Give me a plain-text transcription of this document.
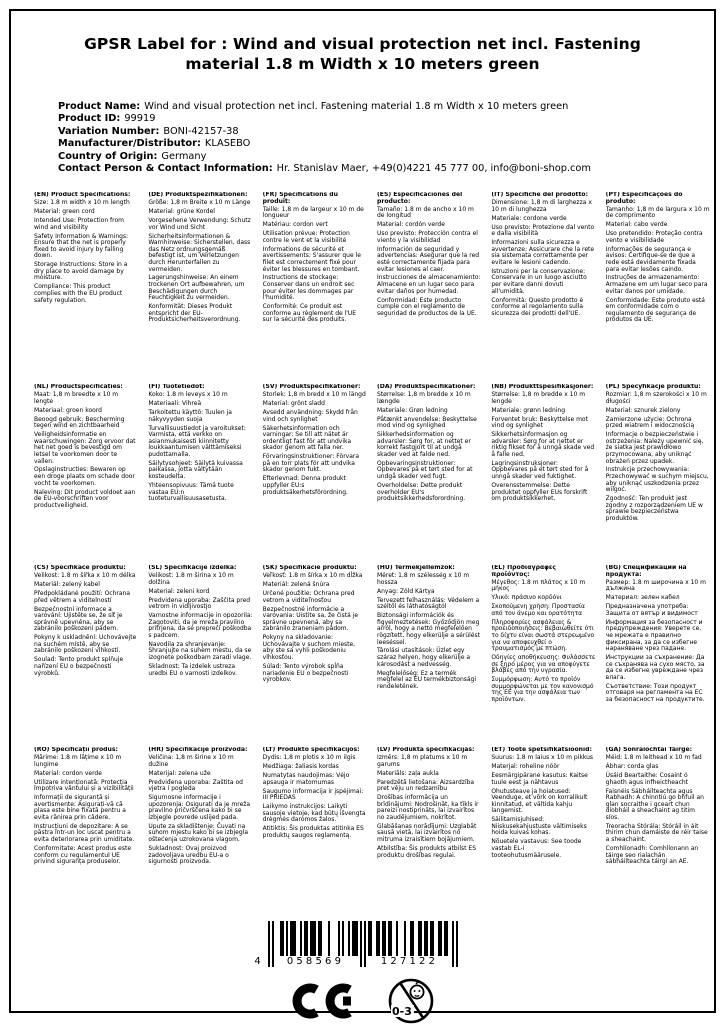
GPSR Label for : Wind and visual protection net incl. Fastening
material 1.8 m Width x 10 meters green
Product Name: Wind and visual protection net incl. Fastening material 1.8 m Width x 10 meters green
Product ID: 99919
Variation Number: BONI-42157-38
Manufacturer/Distributor: KLASEBO
Country of Origin: Germany
Contact Person & Contact Information: Hr. Stanislav Maer, +49(0)4221 45 777 00, info@boni-shop.com
(EN) Product Specifications:
Size: 1.8 m width x 10 m length
Material: green cord
Intended Use: Protection from wind and visibility
Safety Information & Warnings: Ensure that the net is properly fixed to avoid injury by falling down.
Storage Instructions: Store in a dry place to avoid damage by moisture.
Compliance: This product complies with the EU product safety regulation.
(DE) Produktspezifikationen:
Größe: 1,8 m Breite x 10 m Länge
Material: grüne Kordel
Vorgesehene Verwendung: Schutz vor Wind und Sicht
Sicherheitsinformationen & Warnhinweise: Sicherstellen, dass das Netz ordnungsgemäß befestigt ist, um Verletzungen durch Herunterfallen zu vermeiden.
Lagerungshinweise: An einem trockenen Ort aufbewahren, um Beschädigungen durch Feuchtigkeit zu vermeiden.
Konformität: Dieses Produkt entspricht der EU-Produktsicherheitsverordnung.
(FR) Spécifications du produit:
Taille: 1,8 m de largeur x 10 m de longueur
Matériau: cordon vert
Utilisation prévue: Protection contre le vent et la visibilité
Informations de sécurité et avertissements: S'assurer que le filet est correctement fixé pour éviter les blessures en tombant.
Instructions de stockage: Conserver dans un endroit sec pour éviter les dommages par l'humidité.
Conformité: Ce produit est conforme au règlement de l'UE sur la sécurité des produits.
(ES) Especificaciones del producto:
Tamaño: 1.8 m de ancho x 10 m de longitud
Material: cordón verde
Uso previsto: Protección contra el viento y la visibilidad
Información de seguridad y advertencias: Asegurar que la red esté correctamente fijada para evitar lesiones al caer.
Instrucciones de almacenamiento: Almacene en un lugar seco para evitar daños por humedad.
Conformidad: Este producto cumple con el reglamento de seguridad de productos de la UE.
(IT) Specifiche del prodotto:
Dimensione: 1,8 m di larghezza x 10 m di lunghezza
Materiale: cordone verde
Uso previsto: Protezione dal vento e dalla visibilità
Informazioni sulla sicurezza e avvertenze: Assicurare che la rete sia sistemata correttamente per evitare le lesioni cadendo.
Istruzioni per la conservazione: Conservare in un luogo asciutto per evitare danni dovuti all'umidità.
Conformità: Questo prodotto è conforme al regolamento sulla sicurezza dei prodotti dell'UE.
(PT) Especificações do produto:
Tamanho: 1,8 m de largura x 10 m de comprimento
Material: cabo verde
Uso pretendido: Proteção contra vento e visibilidade
Informações de segurança e avisos: Certifique-se de que a rede está devidamente fixada para evitar lesões caindo.
Instruções de armazenamento: Armazene em um lugar seco para evitar danos por umidade.
Conformidade: Este produto está em conformidade com o regulamento de segurança de produtos da UE.
(NL) Productspecificaties:
Maat: 1,8 m breedte x 10 m lengte
Materiaal: groen koord
Beoogd gebruik: Bescherming tegen wind en zichtbaarheid
Veiligheidsinformatie en waarschuwingen: Zorg ervoor dat het net goed is bevestigd om letsel te voorkomen door te vallen.
Opslaginstructies: Bewaren op een droge plaats om schade door vocht te voorkomen.
Naleving: Dit product voldoet aan de EU-voorschriften voor productveiligheid.
(FI) Tuotetiedot:
Koko: 1.8 m leveys x 10 m
Materiaali: Vihreä
Tarkoitettu käyttö: Tuulen ja näkyvyyden suoja
Turvallisuustiedot ja varoitukset: Varmista, että verkko on asianmukaisesti kiinnitetty loukkaantumisen välttämiseksi pudottamalla.
Säilytysohjeet: Säilytä kuivassa paikassa, jotta vältytään kosteudelta.
Yhteensopivuus: Tämä tuote vastaa EU:n tuoteturvallisuusasetusta.
(SV) Produktspecifikationer:
Storlek: 1,8 m bredd x 10 m längd
Material: grönt sladd
Avsedd användning: Skydd från vind och synlighet
Säkerhetsinformation och varningar: Se till att nätet är ordentligt fast för att undvika skador genom att falla ner.
Förvaringsinstruktioner: Förvara på en torr plats för att undvika skador genom fukt.
Efterlevnad: Denna produkt uppfyller EU:s produktsäkerhetsförordning.
(DA) Produktspecifikationer:
Størrelse: 1,8 m bredde x 10 m længde
Materiale: Grøn ledning
Påtænkt anvendelse: Beskyttelse mod vind og synlighed
Sikkerhedsinformation og advarsler: Sørg for, at nettet er korrekt fastgjort til at undgå skader ved at falde ned.
Opbevaringsinstruktioner: Opbevares på et tørt sted for at undgå skader ved fugt.
Overholdelse: Dette produkt overholder EU's produktsikkerhedsforordning.
(NB) Produkttspesifikasjoner:
Størrelse: 1,8 m bredde x 10 m lengde
Materiale: grønn ledning
Forventet bruk: Beskyttelse mot vind og synlighet
Sikkerhetsinformasjon og advarsler: Sørg for at nettet er riktig fikset for å unngå skade ved å falle ned.
Lagringsinstruksjoner: Oppbevares på et tørt sted for å unngå skader ved fuktighet.
Overensstemmelse: Dette produktet oppfyller EUs forskrift om produktsikkerhet.
(PL) Specyfikacje produktu:
Rozmiar: 1,8 m szerokości x 10 m długości
Materiał: sznurek zielony
Zamierzone użycie: Ochrona przed wiatrem i widocznością
Informacje o bezpieczeństwie i ostrzeżenia: Należy upewnić się, że siatka jest prawidłowo przymocowana, aby uniknąć obrażeń przez upadek.
Instrukcje przechowywania: Przechowywać w suchym miejscu, aby uniknąć uszkodzenia przez wilgoć.
Zgodność: Ten produkt jest zgodny z rozporządzeniem UE w sprawie bezpieczeństwa produktów.
(CS) Specifikace produktu:
Velikost: 1.8 m šířka x 10 m délka
Materiál: zelený kabel
Předpokládané použití: Ochrana před větrem a viditelností
Bezpečnostní informace a varování: Ujistěte se, že síť je správně upevněna, aby se zabránilo poškození pádem.
Pokyny k uskladnění: Uchovávejte na suchém místě, aby se zabránilo poškození vlhkostí.
Soulad: Tento produkt splňuje nařízení EU o bezpečnosti výrobků.
(SL) Specifikacije izdelka:
Velikost: 1.8 m širina x 10 m dolžina
Material: zeleni kord
Predvidena uporaba: Zaščita pred vetrom in vidljivostjo
Varnostne informacije in opozorila: Zagotoviti, da je mreža pravilno pritrjena, da se prepreči poškodba s padcem.
Navodila za shranjevanje: Shranjujte na suhem mestu, da se izognete poškodbam zaradi vlage.
Skladnost: Ta izdelek ustreza uredbi EU o varnosti izdelkov.
(SK) Špecifikácie produktu:
Veľkosť: 1.8 m šírka x 10 m dĺžka
Materiál: zelená šnúra
Určené použitie: Ochrana pred vetrom a viditeľnosťou
Bezpečnostné informácie a varovania: Uistite sa, že čistá je správne upevnená, aby sa zabránilo zraneniam pádom.
Pokyny na skladovanie: Uchovávajte v suchom mieste, aby ste sa vyhli poškodeniu vlhkosťou.
Súlad: Tento výrobok spĺňa nariadenie EU o bezpečnosti výrobkov.
(HU) Termékjellemzők:
Méret: 1,8 m szélesség x 10 m hossza
Anyag: Zöld Kártya
Tervezett felhasználás: Védelem a széltől és láthatóságtól
Biztonsági információk és figyelmeztetések: Győződjön meg arról, hogy a nettó megfelelően rögzített, hogy elkerülje a sérülést leeséssel.
Tárolási utasítások: Üzlet egy száraz helyen, hogy elkerülje a károsodást a nedvesség.
Megfelelőség: Ez a termék megfelel az EU termékbiztonsági rendeletének.
(EL) Προδιαγραφές προϊόντος:
Μέγεθος: 1.8 m πλάτος x 10 m μήκος
Υλικό: πράσινο κορδόνι
Σκοπούμενη χρήση: Προστασία από τον άνεμο και ορατότητα
Πληροφορίες ασφάλειας & προειδοποιήσεις: Βεβαιωθείτε ότι το δίχτυ είναι σωστά στερεωμένο για να αποφευχθεί ο τραυματισμός με πτώση.
Οδηγίες αποθήκευσης: Φυλάσσετε σε ξηρό μέρος για να αποφύγετε βλάβες από την υγρασία.
Συμμόρφωση: Αυτό το προϊόν συμμορφώνεται με τον κανονισμό της ΕΕ για την ασφάλεια των προϊόντων.
(BG) Спецификации на продукта:
Размер: 1.8 m широчина x 10 m дължина
Материал: зелен кабел
Предназначена употреба: Защита от вятър и видимост
Информация за безопасност и предупреждения: Уверете се, че мрежата е правилно фиксирана, за да се избегне нараняване чрез падане.
Инструкции за съхранение: Да се съхранява на сухо място, за да се избегне увреждане чрез влага.
Съответствие: Този продукт отговаря на регламента на ЕС за безопасност на продуктите.
(RO) Specificații produs:
Mărime: 1.8 m lățime x 10 m lungime
Material: cordon verde
Utilizare intenționată: Protecția împotriva vântului și a vizibilității
Informații de siguranță și avertismente: Asigurați-vă că plasa este bine fixată pentru a evita rănirea prin cădere.
Instrucțiuni de depozitare: A se păstra într-un loc uscat pentru a evita deteriorarea prin umiditate.
Conformitate: Acest produs este conform cu regulamentul UE privind siguranța produselor.
(HR) Specifikacije proizvoda:
Veličina: 1,8 m širine x 10 m dužine
Materijal: zelena uže
Predviđena uporaba: Zaštita od vjetra i pogleda
Sigurnosne informacije i upozorenja: Osigurati da je mreža pravilno pričvršćena kako bi se izbjegle povrede uslijed pada.
Upute za skladištenje: Čuvati na suhom mjestu kako bi se izbjegla oštećenja uzrokovana vlagom.
Sukladnost: Ovaj proizvod zadovoljava uredbu EU-a o sigurnosti proizvoda.
(LT) Produkto specifikacijos:
Dydis: 1,8 m plotis x 10 m ilgis
Medžiaga: žaliasis kordas
Numatytas naudojimas: Vėjo apsauga ir matomumas
Saugumo informacija ir įspėjimai: III PRIEDAS
Laikymo instrukcijos: Laikyti sausoje vietoje, kad būtų išvengta drėgmės daromos žalos.
Atitiktis: Šis produktas atitinka ES produktų saugos reglamentą.
(LV) Produkta specifikācijas:
Izmērs: 1,8 m platums x 10 m garums
Materiāls: zaļa aukla
Paredzētā lietošana: Aizsardzība pret vēju un redzamību
Drošības informācija un brīdinājumi: Nodrošināt, ka tīkls ir pareizi nostiprināts, lai izvairītos no zaudējumiem, nokrītot.
Glabāšanas norādījumi: Uzglabāt sausā vietā, lai izvairītos no mitruma izraisītiem bojājumiem.
Atbilstība: Šis produkts atbilst ES produktu drošības regulai.
(ET) Toote spetsifikatsioonid:
Suurus: 1.8 m laius x 10 m pikkus
Materjal: roheline nöör
Eesmärgipärane kasutus: Kaitse tuule eest ja nähtavus
Ohutusteave ja hoiatused: Veenduge, et võrk on korralikult kinnitatud, et vältida kahju langemist.
Säilitamisjuhised: Niiskusekahjustuste vältimiseks hoida kuivas kohas.
Nõuetele vastavus: See toode vastab EL-i tooteohutusmäärusele.
(GA) Sonraíochtaí Táirge:
Méid: 1.8 m leithead x 10 m fad
Ábhar: corda glas
Úsáid Beartaithe: Cosaint ó ghaoth agus infheictheacht
Faisnéis Sábháilteachta agus Rabhadh: A chinntiú go bhfuil an glan socraithe i gceart chun díobháil a sheachaint ag titim síos.
Treoracha Stórála: Stóráil in áit thirim chun damáiste de réir taise a sheachaint.
Comhlíonadh: Comhlíonann an táirge seo rialachán sábháilteachta táirgí an AE.
4	058569	127122
0-3
